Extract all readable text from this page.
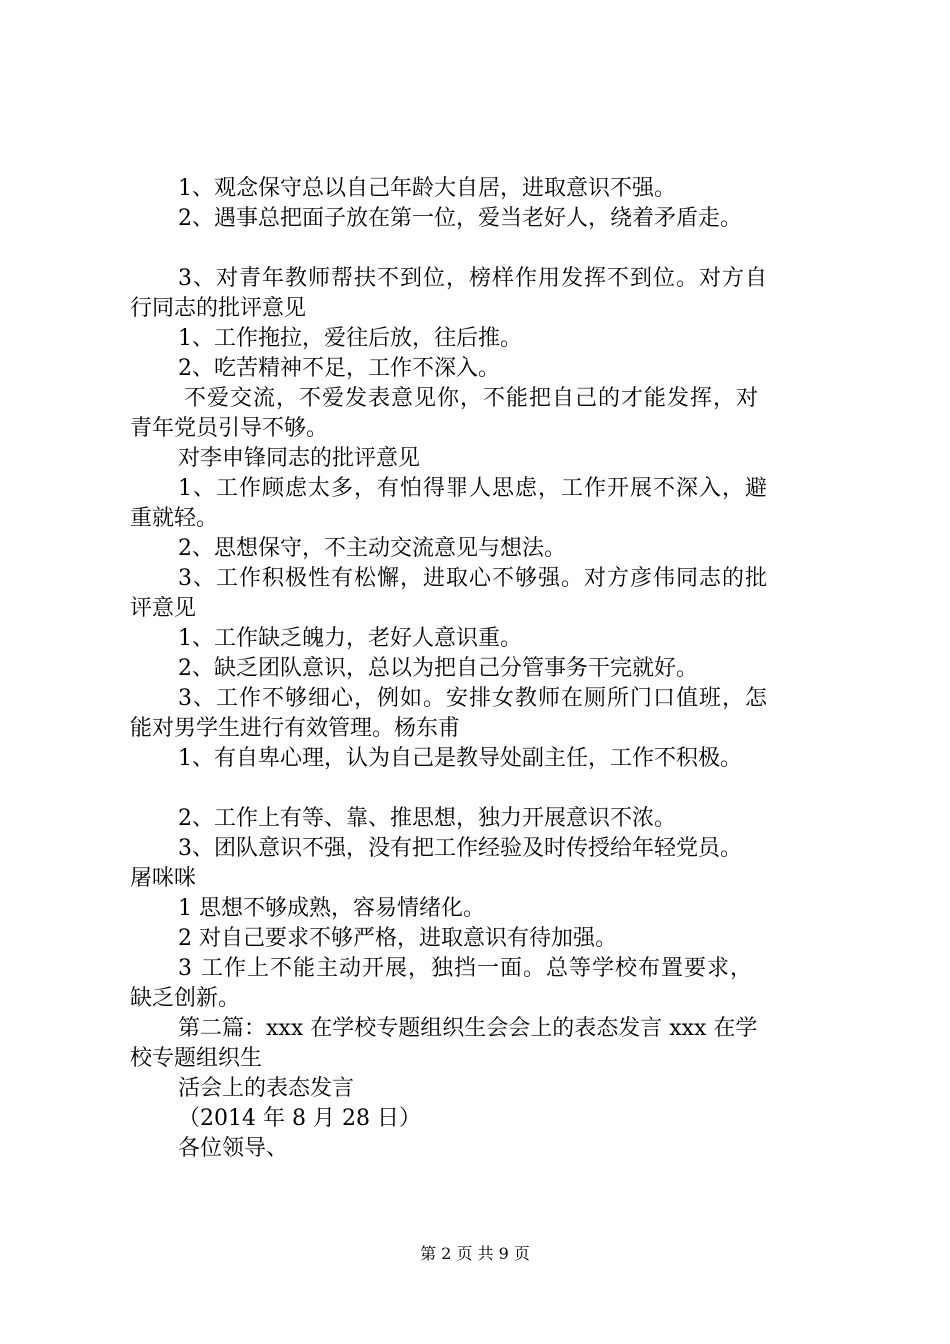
1、观念保守总以自己年龄大自居，进取意识不强。
2、遇事总把面子放在第一位，爱当老好人，绕着矛盾走。
3、对青年教师帮扶不到位，榜样作用发挥不到位。对方自
行同志的批评意见
1、工作拖拉，爱往后放，往后推。
2、吃苦精神不足，工作不深入。
不爱交流，不爱发表意见你，不能把自己的才能发挥，对
青年党员引导不够。
对李申锋同志的批评意见
1、工作顾虑太多，有怕得罪人思虑，工作开展不深入，避
重就轻。
2、思想保守，不主动交流意见与想法。
3、工作积极性有松懈，进取心不够强。对方彦伟同志的批
评意见
1、工作缺乏魄力，老好人意识重。
2、缺乏团队意识，总以为把自己分管事务干完就好。
3、工作不够细心，例如。安排女教师在厕所门口值班，怎
能对男学生进行有效管理。杨东甫
1、有自卑心理，认为自己是教导处副主任，工作不积极。
2、工作上有等、靠、推思想，独力开展意识不浓。
3、团队意识不强，没有把工作经验及时传授给年轻党员。
屠咪咪
1 思想不够成熟，容易情绪化。
2 对自己要求不够严格，进取意识有待加强。
3 工作上不能主动开展，独挡一面。总等学校布置要求，
缺乏创新。
第二篇：xxx 在学校专题组织生会会上的表态发言 xxx 在学
校专题组织生
活会上的表态发言
（2014 年 8 月 28 日）
各位领导、
第 2 页 共 9 页
